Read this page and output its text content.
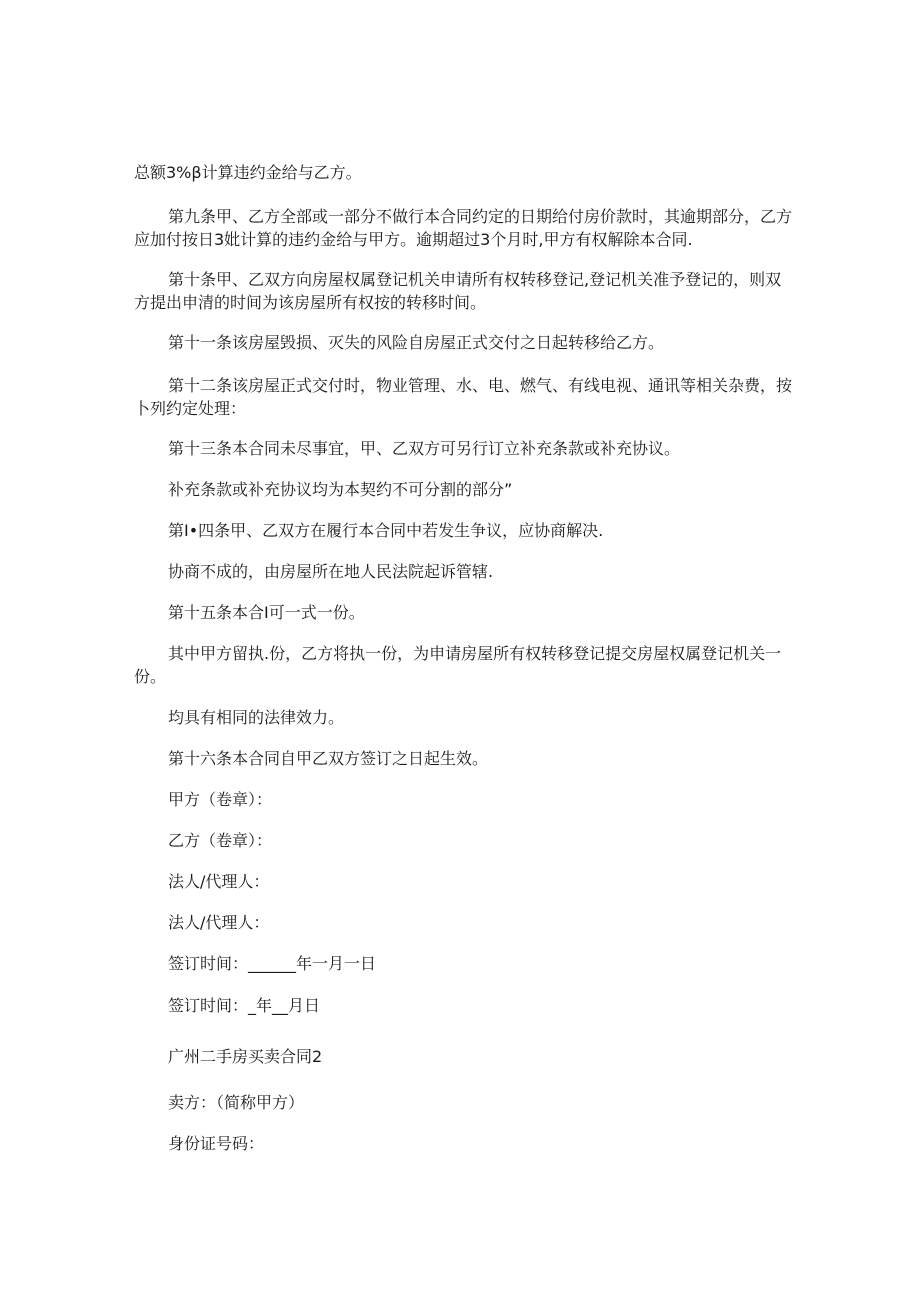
总额3%β计算违约金给与乙方。

第九条甲、乙方全部或一部分不做行本合同约定的日期给付房价款时，其逾期部分，乙方应加付按日3妣计算的违约金给与甲方。逾期超过3个月时,甲方有权解除本合同.

第十条甲、乙双方向房屋权属登记机关申请所有权转移登记,登记机关准予登记的，则双方提出申清的时间为该房屋所有权按的转移时间。

第十一条该房屋毁损、灭失的风险自房屋正式交付之日起转移给乙方。

第十二条该房屋正式交付时，物业管理、水、电、燃气、有线电视、通讯等相关杂费，按卜列约定处理：

第十三条本合同未尽事宜，甲、乙双方可另行订立补充条款或补充协议。

补充条款或补充协议均为本契约不可分割的部分”

第I•四条甲、乙双方在履行本合同中若发生争议，应协商解决.

协商不成的，由房屋所在地人民法院起诉管辖.

第十五条本合I可一式一份。

其中甲方留执.份，乙方将执一份，为申请房屋所有权转移登记提交房屋权属登记机关一份。

均具有相同的法律效力。

第十六条本合同自甲乙双方签订之日起生效。

甲方（卷章）：

乙方（卷章）：

法人/代理人：

法人/代理人：

签订时间：______年一月一日

签订时间：_年__月日

广州二手房买卖合同2

卖方：（简称甲方）

身份证号码：
